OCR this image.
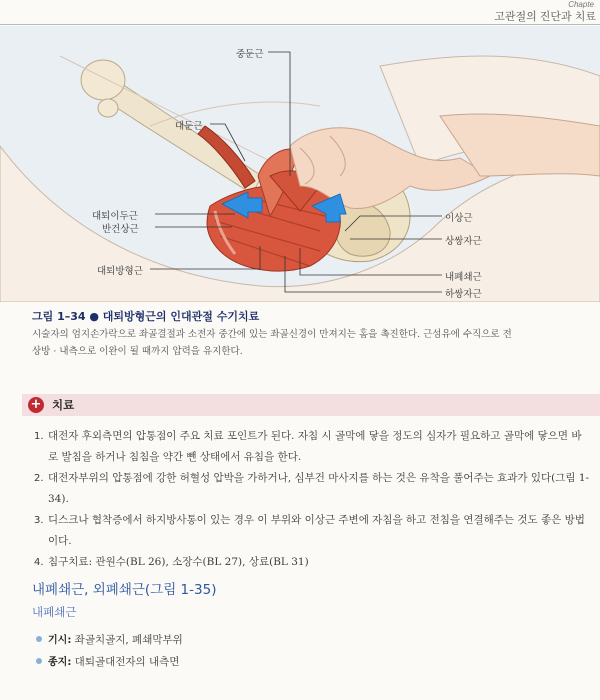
Chapte
고관절의 진단과 치료
중둔근
대둔근
대퇴이두근
반건상근
대퇴방형근
이상근
상쌍자근
내폐쇄근
하쌍자근
그림 1–34 ● 대퇴방형근의 인대관절 수기치료
시술자의 엄지손가락으로 좌골결절과 소전자 중간에 있는 좌골신경이 만져지는 홈을 촉진한다. 근섬유에 수직으로 전
상방 · 내측으로 이완이 될 때까지 압력을 유지한다.
+ 치료
1. 대전자 후외측면의 압통점이 주요 치료 포인트가 된다. 자침 시 골막에 닿을 정도의 심자가 필요하고 골막에 닿으면 바로 발침을 하거나 침침을 약간 뺀 상태에서 유침을 한다.
2. 대전자부위의 압통점에 강한 허혈성 압박을 가하거나, 심부건 마사지를 하는 것은 유착을 풀어주는 효과가 있다(그림 1-34).
3. 디스크나 협착증에서 하지방사통이 있는 경우 이 부위와 이상근 주변에 자침을 하고 전침을 연결해주는 것도 좋은 방법이다.
4. 침구치료: 관원수(BL 26), 소장수(BL 27), 상료(BL 31)
내폐쇄근, 외폐쇄근(그림 1-35)
내폐쇄근
기시: 좌골치골지, 폐쇄막부위
종지: 대퇴골대전자의 내측면
